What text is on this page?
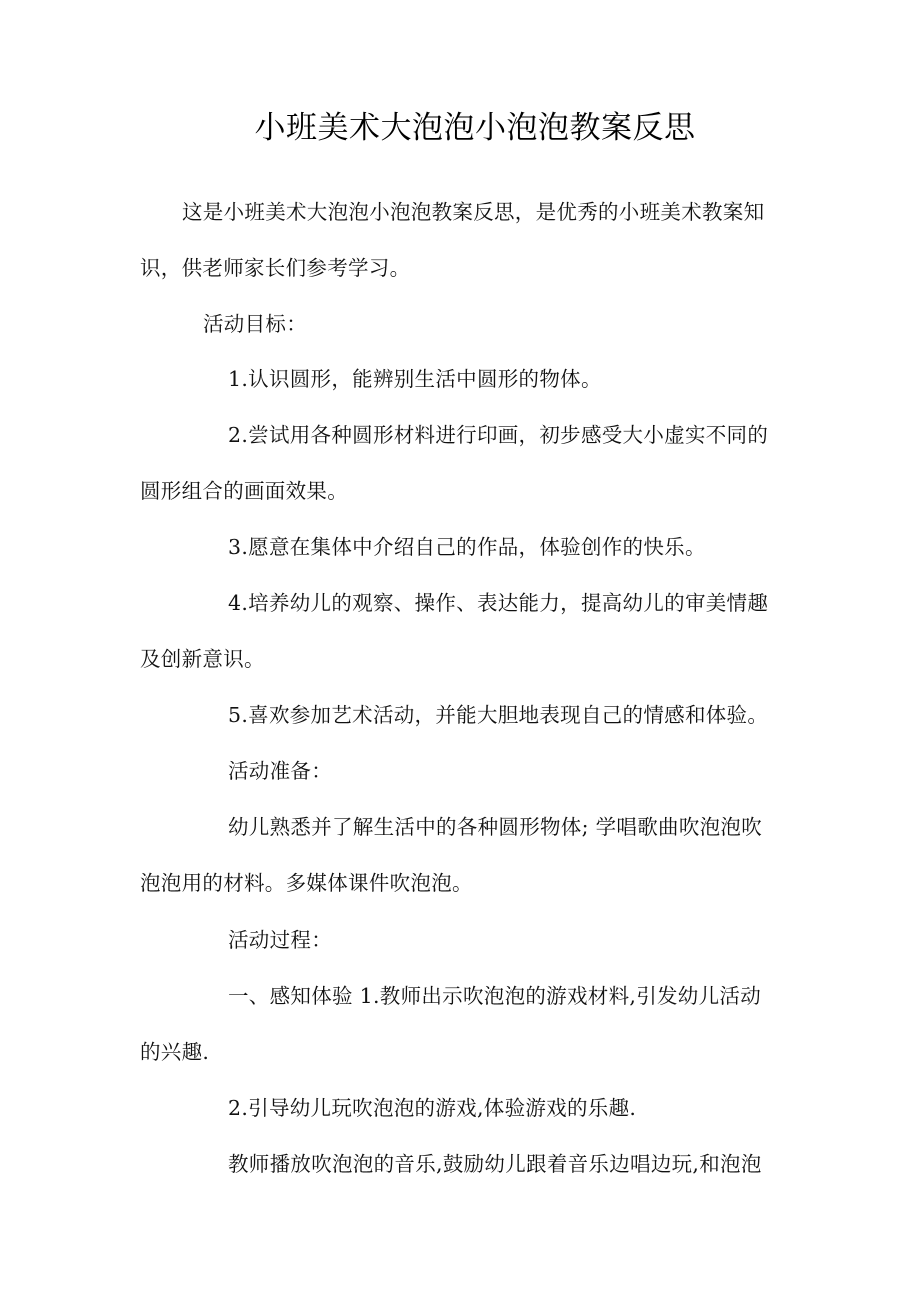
小班美术大泡泡小泡泡教案反思
这是小班美术大泡泡小泡泡教案反思，是优秀的小班美术教案知
识，供老师家长们参考学习。
活动目标：
1.认识圆形，能辨别生活中圆形的物体。
2.尝试用各种圆形材料进行印画，初步感受大小虚实不同的
圆形组合的画面效果。
3.愿意在集体中介绍自己的作品，体验创作的快乐。
4.培养幼儿的观察、操作、表达能力，提高幼儿的审美情趣
及创新意识。
5.喜欢参加艺术活动，并能大胆地表现自己的情感和体验。
活动准备：
幼儿熟悉并了解生活中的各种圆形物体; 学唱歌曲吹泡泡吹
泡泡用的材料。多媒体课件吹泡泡。
活动过程：
一、感知体验 1.教师出示吹泡泡的游戏材料,引发幼儿活动
的兴趣.
2.引导幼儿玩吹泡泡的游戏,体验游戏的乐趣.
教师播放吹泡泡的音乐,鼓励幼儿跟着音乐边唱边玩,和泡泡
